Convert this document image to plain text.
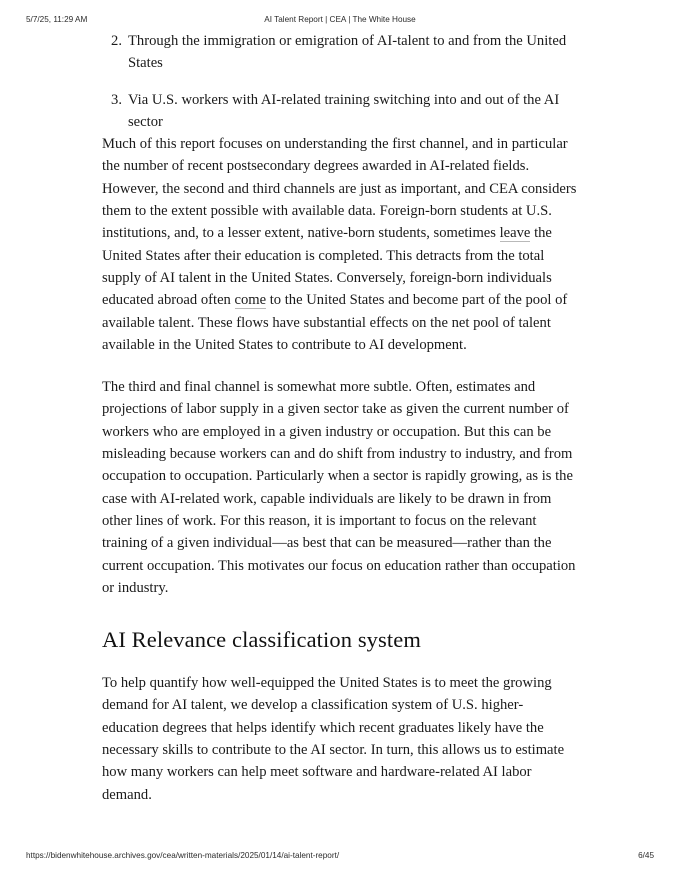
5/7/25, 11:29 AM	AI Talent Report | CEA | The White House
2. Through the immigration or emigration of AI-talent to and from the United States
3. Via U.S. workers with AI-related training switching into and out of the AI sector

Much of this report focuses on understanding the first channel, and in particular the number of recent postsecondary degrees awarded in AI-related fields. However, the second and third channels are just as important, and CEA considers them to the extent possible with available data. Foreign-born students at U.S. institutions, and, to a lesser extent, native-born students, sometimes leave the United States after their education is completed. This detracts from the total supply of AI talent in the United States. Conversely, foreign-born individuals educated abroad often come to the United States and become part of the pool of available talent. These flows have substantial effects on the net pool of talent available in the United States to contribute to AI development.

The third and final channel is somewhat more subtle. Often, estimates and projections of labor supply in a given sector take as given the current number of workers who are employed in a given industry or occupation. But this can be misleading because workers can and do shift from industry to industry, and from occupation to occupation. Particularly when a sector is rapidly growing, as is the case with AI-related work, capable individuals are likely to be drawn in from other lines of work. For this reason, it is important to focus on the relevant training of a given individual—as best that can be measured—rather than the current occupation. This motivates our focus on education rather than occupation or industry.

AI Relevance classification system

To help quantify how well-equipped the United States is to meet the growing demand for AI talent, we develop a classification system of U.S. higher-education degrees that helps identify which recent graduates likely have the necessary skills to contribute to the AI sector. In turn, this allows us to estimate how many workers can help meet software and hardware-related AI labor demand.

https://bidenwhitehouse.archives.gov/cea/written-materials/2025/01/14/ai-talent-report/	6/45
